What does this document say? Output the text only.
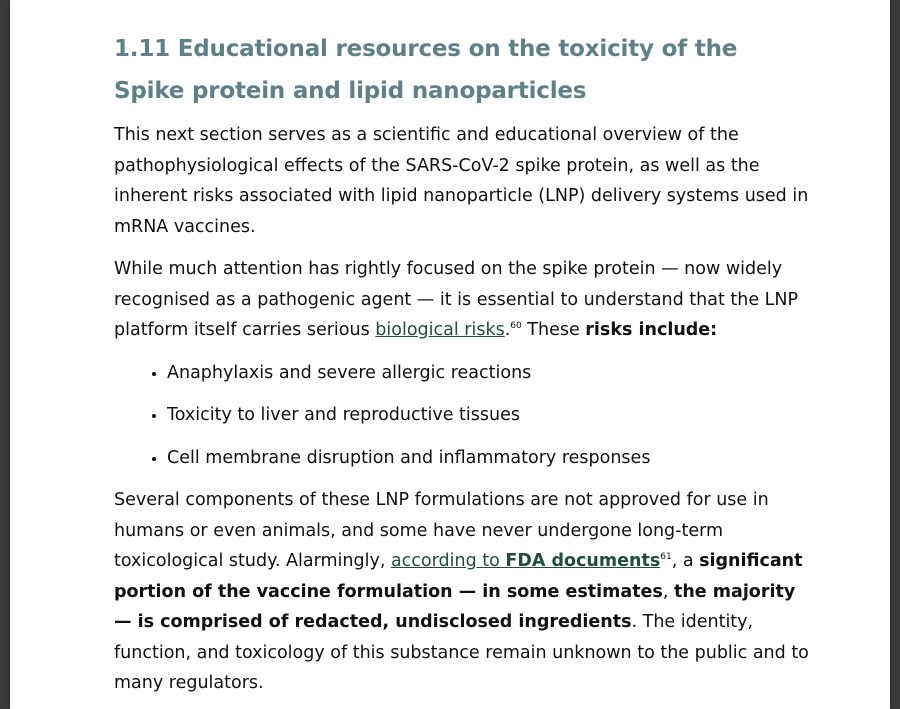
1.11 Educational resources on the toxicity of the Spike protein and lipid nanoparticles

This next section serves as a scientific and educational overview of the pathophysiological effects of the SARS-CoV-2 spike protein, as well as the inherent risks associated with lipid nanoparticle (LNP) delivery systems used in mRNA vaccines.

While much attention has rightly focused on the spike protein — now widely recognised as a pathogenic agent — it is essential to understand that the LNP platform itself carries serious biological risks.$^{60}$ These risks include:

• Anaphylaxis and severe allergic reactions
• Toxicity to liver and reproductive tissues
• Cell membrane disruption and inflammatory responses

Several components of these LNP formulations are not approved for use in humans or even animals, and some have never undergone long-term toxicological study. Alarmingly, according to FDA documents$^{61}$, a significant portion of the vaccine formulation — in some estimates, the majority — is comprised of redacted, undisclosed ingredients. The identity, function, and toxicology of this substance remain unknown to the public and to many regulators.
